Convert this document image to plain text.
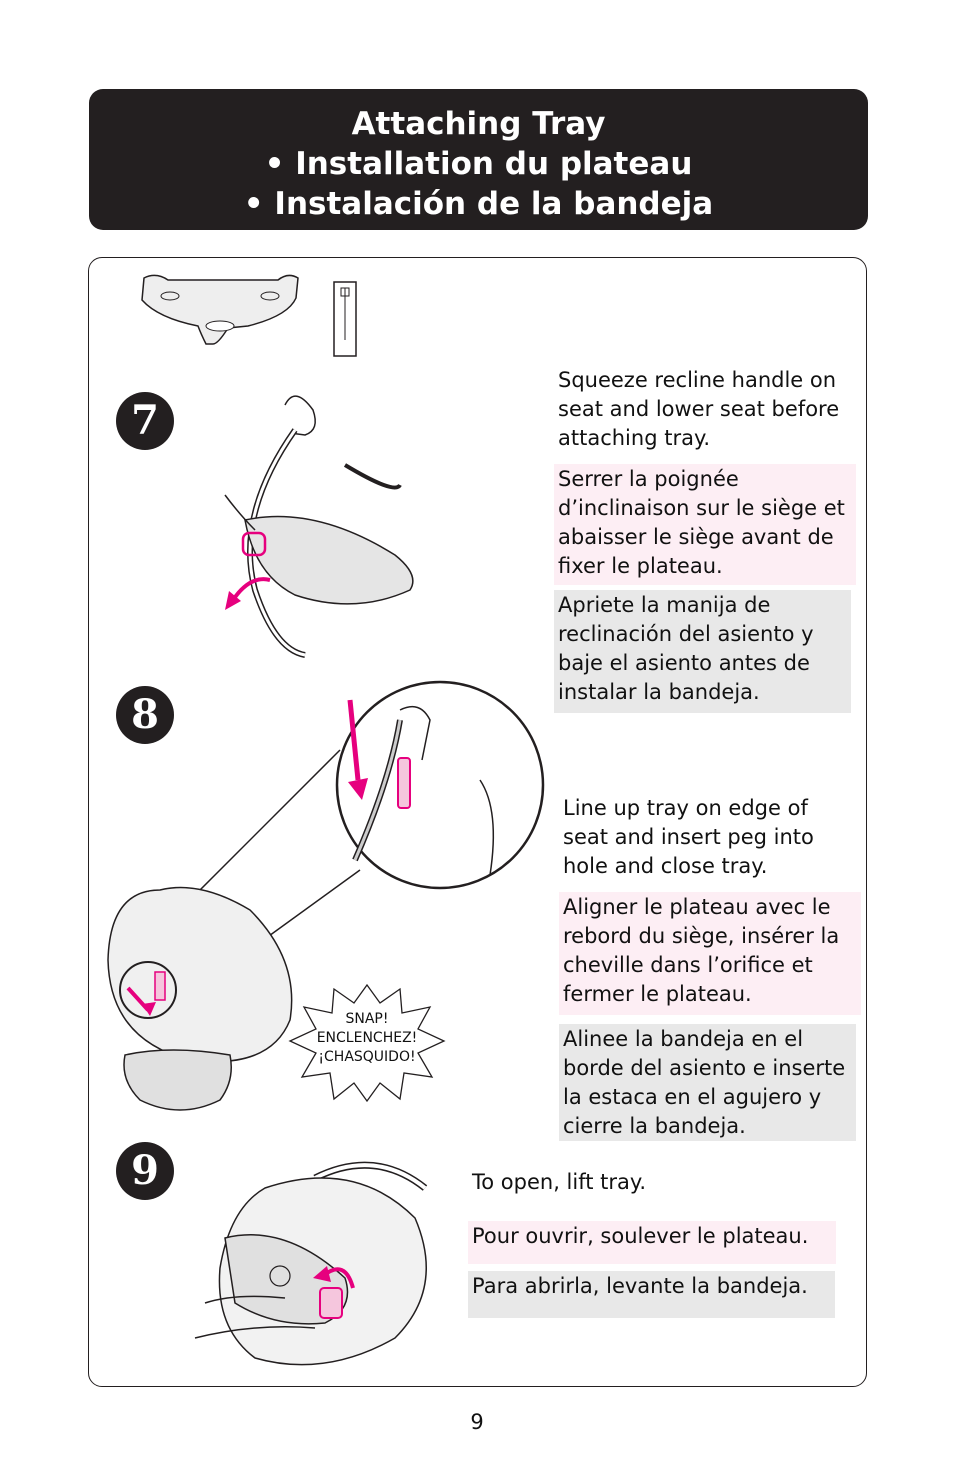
Attaching Tray
• Installation du plateau
• Instalación de la bandeja
7
Squeeze recline handle on seat and lower seat before attaching tray.
Serrer la poignée d’inclinaison sur le siège et abaisser le siège avant de fixer le plateau.
Apriete la manija de reclinación del asiento y baje el asiento antes de instalar la bandeja.
8
SNAP!
ENCLENCHEZ!
¡CHASQUIDO!
Line up tray on edge of seat and insert peg into hole and close tray.
Aligner le plateau avec le rebord du siège, insérer la cheville dans l’orifice et fermer le plateau.
Alinee la bandeja en el borde del asiento e inserte la estaca en el agujero y cierre la bandeja.
9	To open, lift tray.
Pour ouvrir, soulever le plateau.
Para abrirla, levante la bandeja.
9
